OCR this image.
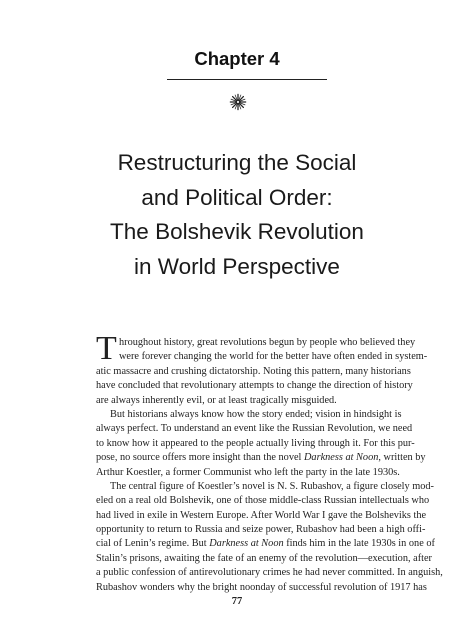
Chapter 4
Restructuring the Social
and Political Order:
The Bolshevik Revolution
in World Perspective
T hroughout history, great revolutions begun by people who believed they
were forever changing the world for the better have often ended in system-
atic massacre and crushing dictatorship. Noting this pattern, many historians
have concluded that revolutionary attempts to change the direction of history
are always inherently evil, or at least tragically misguided.
But historians always know how the story ended; vision in hindsight is
always perfect. To understand an event like the Russian Revolution, we need
to know how it appeared to the people actually living through it. For this pur-
pose, no source offers more insight than the novel Darkness at Noon, written by
Arthur Koestler, a former Communist who left the party in the late 1930s.
The central figure of Koestler’s novel is N. S. Rubashov, a figure closely mod-
eled on a real old Bolshevik, one of those middle-class Russian intellectuals who
had lived in exile in Western Europe. After World War I gave the Bolsheviks the
opportunity to return to Russia and seize power, Rubashov had been a high offi-
cial of Lenin’s regime. But Darkness at Noon finds him in the late 1930s in one of
Stalin’s prisons, awaiting the fate of an enemy of the revolution—execution, after
a public confession of antirevolutionary crimes he had never committed. In anguish,
Rubashov wonders why the bright noonday of successful revolution of 1917 has
77
